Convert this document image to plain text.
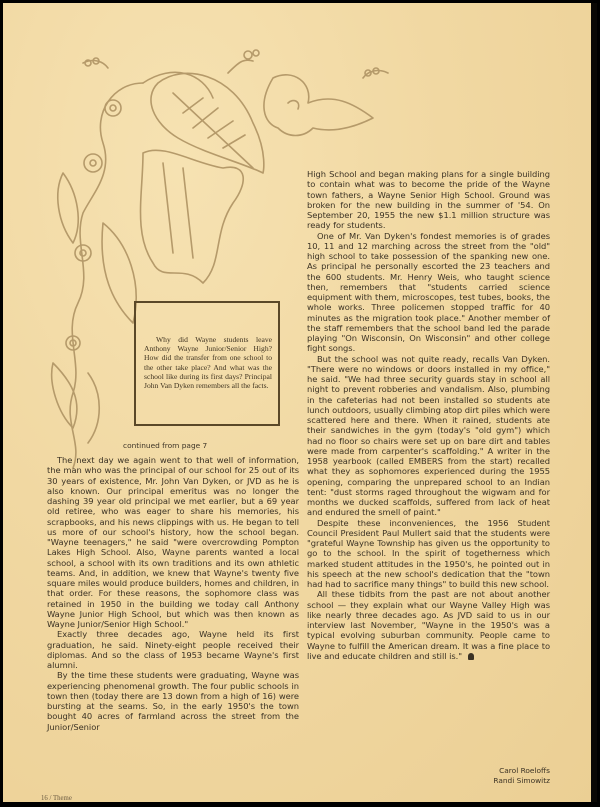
Why did Wayne students leave Anthony Wayne Junior/Senior High? How did the transfer from one school to the other take place? And what was the school like during its first days? Principal John Van Dyken remembers all the facts.

continued from page 7

The next day we again went to that well of information, the man who was the principal of our school for 25 out of its 30 years of existence, Mr. John Van Dyken, or JVD as he is also known. Our principal emeritus was no longer the dashing 39 year old principal we met earlier, but a 69 year old retiree, who was eager to share his memories, his scrapbooks, and his news clippings with us. He began to tell us more of our school's history, how the school began. "Wayne teenagers," he said "were overcrowding Pompton Lakes High School. Also, Wayne parents wanted a local school, a school with its own traditions and its own athletic teams. And, in addition, we knew that Wayne's twenty five square miles would produce builders, homes and children, in that order. For these reasons, the sophomore class was retained in 1950 in the building we today call Anthony Wayne Junior High School, but which was then known as Wayne Junior/Senior High School."

Exactly three decades ago, Wayne held its first graduation, he said. Ninety-eight people received their diplomas. And so the class of 1953 became Wayne's first alumni.

By the time these students were graduating, Wayne was experiencing phenomenal growth. The four public schools in town then (today there are 13 down from a high of 16) were bursting at the seams. So, in the early 1950's the town bought 40 acres of farmland across the street from the Junior/Senior

High School and began making plans for a single building to contain what was to become the pride of the Wayne town fathers, a Wayne Senior High School. Ground was broken for the new building in the summer of '54. On September 20, 1955 the new $1.1 million structure was ready for students.

One of Mr. Van Dyken's fondest memories is of grades 10, 11 and 12 marching across the street from the "old" high school to take possession of the spanking new one. As principal he personally escorted the 23 teachers and the 600 students. Mr. Henry Weis, who taught science then, remembers that "students carried science equipment with them, microscopes, test tubes, books, the whole works. Three policemen stopped traffic for 40 minutes as the migration took place." Another member of the staff remembers that the school band led the parade playing "On Wisconsin, On Wisconsin" and other college fight songs.

But the school was not quite ready, recalls Van Dyken. "There were no windows or doors installed in my office," he said. "We had three security guards stay in school all night to prevent robberies and vandalism. Also, plumbing in the cafeterias had not been installed so students ate lunch outdoors, usually climbing atop dirt piles which were scattered here and there. When it rained, students ate their sandwiches in the gym (today's "old gym") which had no floor so chairs were set up on bare dirt and tables were made from carpenter's scaffolding." A writer in the 1958 yearbook (called EMBERS from the start) recalled what they as sophomores experienced during the 1955 opening, comparing the unprepared school to an Indian tent: "dust storms raged throughout the wigwam and for months we ducked scaffolds, suffered from lack of heat and endured the smell of paint."

Despite these inconveniences, the 1956 Student Council President Paul Mullert said that the students were "grateful Wayne Township has given us the opportunity to go to the school. In the spirit of togetherness which marked student attitudes in the 1950's, he pointed out in his speech at the new school's dedication that the "town had had to sacrifice many things" to build this new school.

All these tidbits from the past are not about another school — they explain what our Wayne Valley High was like nearly three decades ago. As JVD said to us in our interview last November, "Wayne in the 1950's was a typical evolving suburban community. People came to Wayne to fulfill the American dream. It was a fine place to live and educate children and still is."

Carol Roeloffs
Randi Simowitz
16 / Theme
